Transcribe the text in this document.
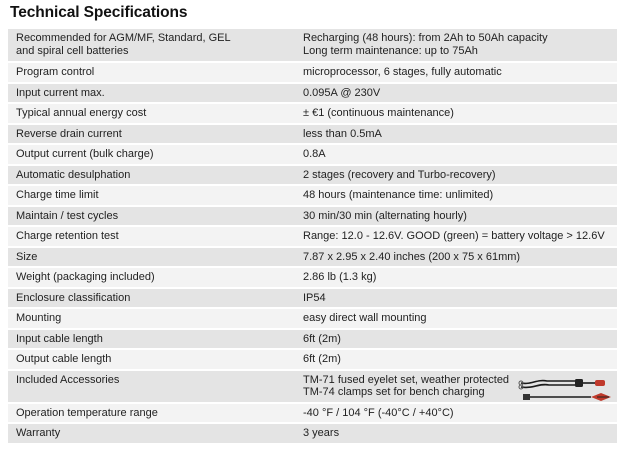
Technical Specifications
Recommended for AGM/MF, Standard, GEL
and spiral cell batteries	Recharging (48 hours): from 2Ah to 50Ah capacity
Long term maintenance: up to 75Ah
Program control	microprocessor, 6 stages, fully automatic
Input current max.	0.095A @ 230V
Typical annual energy cost	± €1 (continuous maintenance)
Reverse drain current	less than 0.5mA
Output current (bulk charge)	0.8A
Automatic desulphation	2 stages (recovery and Turbo-recovery)
Charge time limit	48 hours (maintenance time: unlimited)
Maintain / test cycles	30 min/30 min (alternating hourly)
Charge retention test	Range: 12.0 - 12.6V. GOOD (green) = battery voltage > 12.6V
Size	7.87 x 2.95 x 2.40 inches (200 x 75 x 61mm)
Weight (packaging included)	2.86 lb (1.3 kg)
Enclosure classification	IP54
Mounting	easy direct wall mounting
Input cable length	6ft (2m)
Output cable length	6ft (2m)
Included Accessories	TM-71 fused eyelet set, weather protected
TM-74 clamps set for bench charging

Operation temperature range	-40 °F / 104 °F (-40°C / +40°C)
Warranty	3 years
